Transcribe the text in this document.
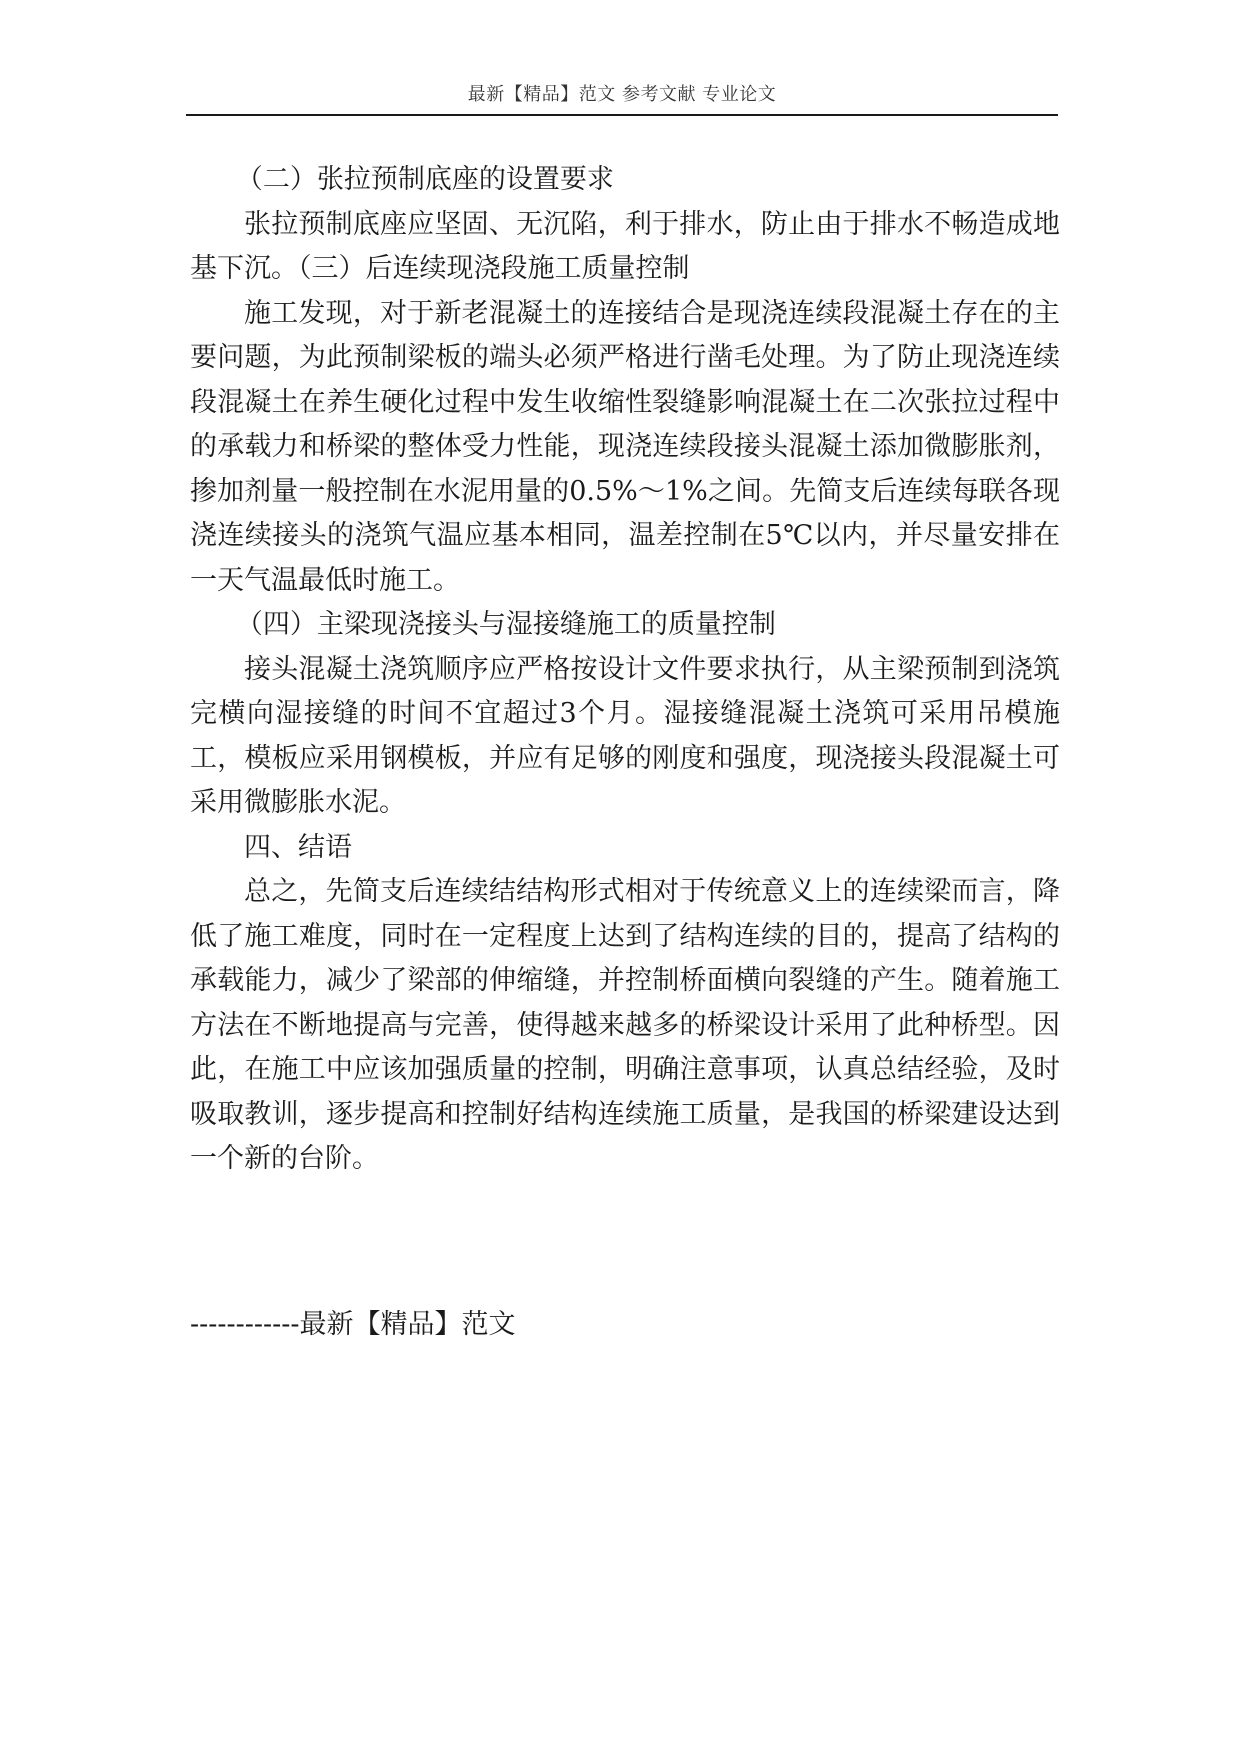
最新【精品】范文 参考文献 专业论文

（二）张拉预制底座的设置要求

张拉预制底座应坚固、无沉陷，利于排水，防止由于排水不畅造成地基下沉。（三）后连续现浇段施工质量控制

施工发现，对于新老混凝土的连接结合是现浇连续段混凝土存在的主要问题，为此预制梁板的端头必须严格进行凿毛处理。为了防止现浇连续段混凝土在养生硬化过程中发生收缩性裂缝影响混凝土在二次张拉过程中的承载力和桥梁的整体受力性能，现浇连续段接头混凝土添加微膨胀剂，掺加剂量一般控制在水泥用量的0.5%～1%之间。先简支后连续每联各现浇连续接头的浇筑气温应基本相同，温差控制在5℃以内，并尽量安排在一天气温最低时施工。

（四）主梁现浇接头与湿接缝施工的质量控制

接头混凝土浇筑顺序应严格按设计文件要求执行，从主梁预制到浇筑完横向湿接缝的时间不宜超过3个月。湿接缝混凝土浇筑可采用吊模施工，模板应采用钢模板，并应有足够的刚度和强度，现浇接头段混凝土可采用微膨胀水泥。

四、结语

总之，先简支后连续结结构形式相对于传统意义上的连续梁而言，降低了施工难度，同时在一定程度上达到了结构连续的目的，提高了结构的承载能力，减少了梁部的伸缩缝，并控制桥面横向裂缝的产生。随着施工方法在不断地提高与完善，使得越来越多的桥梁设计采用了此种桥型。因此，在施工中应该加强质量的控制，明确注意事项，认真总结经验，及时吸取教训，逐步提高和控制好结构连续施工质量，是我国的桥梁建设达到一个新的台阶。

------------最新【精品】范文
